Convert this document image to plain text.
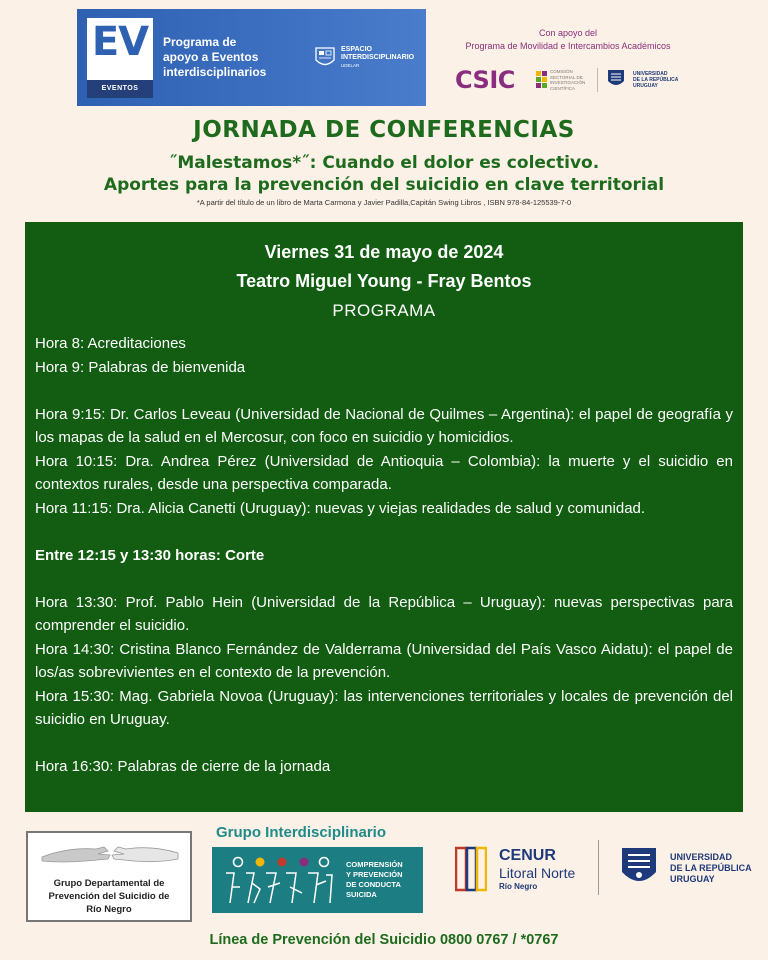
EV
EVENTOS
Programa de
apoyo a Eventos
interdisciplinarios
ESPACIO
INTERDISCIPLINARIO
UDELAR
Con apoyo del
Programa de Movilidad e Intercambios Académicos
CSIC	COMISIÓN
SECTORIAL DE
INVESTIGACIÓN
CIENTÍFICA
UNIVERSIDAD
DE LA REPÚBLICA
URUGUAY
JORNADA DE CONFERENCIAS
˝Malestamos*˝: Cuando el dolor es colectivo.
Aportes para la prevención del suicidio en clave territorial
*A partir del título de un libro de Marta Carmona y Javier Padilla,Capitán Swing Libros , ISBN 978-84-125539-7-0
Viernes 31 de mayo de 2024
Teatro Miguel Young - Fray Bentos
PROGRAMA

Hora 8: Acreditaciones

Hora 9: Palabras de bienvenida

Hora 9:15: Dr. Carlos Leveau (Universidad de Nacional de Quilmes – Argentina): el papel de geografía y los mapas de la salud en el Mercosur, con foco en suicidio y homicidios.

Hora 10:15: Dra. Andrea Pérez (Universidad de Antioquia – Colombia): la muerte y el suicidio en contextos rurales, desde una perspectiva comparada.

Hora 11:15: Dra. Alicia Canetti (Uruguay): nuevas y viejas realidades de salud y comunidad.

Entre 12:15 y 13:30 horas: Corte

Hora 13:30: Prof. Pablo Hein (Universidad de la República – Uruguay): nuevas perspectivas para comprender el suicidio.

Hora 14:30: Cristina Blanco Fernández de Valderrama (Universidad del País Vasco Aidatu): el papel de los/as sobrevivientes en el contexto de la prevención.

Hora 15:30: Mag. Gabriela Novoa (Uruguay): las intervenciones territoriales y locales de prevención del suicidio en Uruguay.

Hora 16:30: Palabras de cierre de la jornada

Grupo Departamental de
Prevención del Suicidio de
Río Negro
Grupo Interdisciplinario
COMPRENSIÓN
Y PREVENCIÓN
DE CONDUCTA
SUICIDA
CENUR
Litoral Norte
Río Negro
UNIVERSIDAD
DE LA REPÚBLICA
URUGUAY
Línea de Prevención del Suicidio 0800 0767 / *0767
